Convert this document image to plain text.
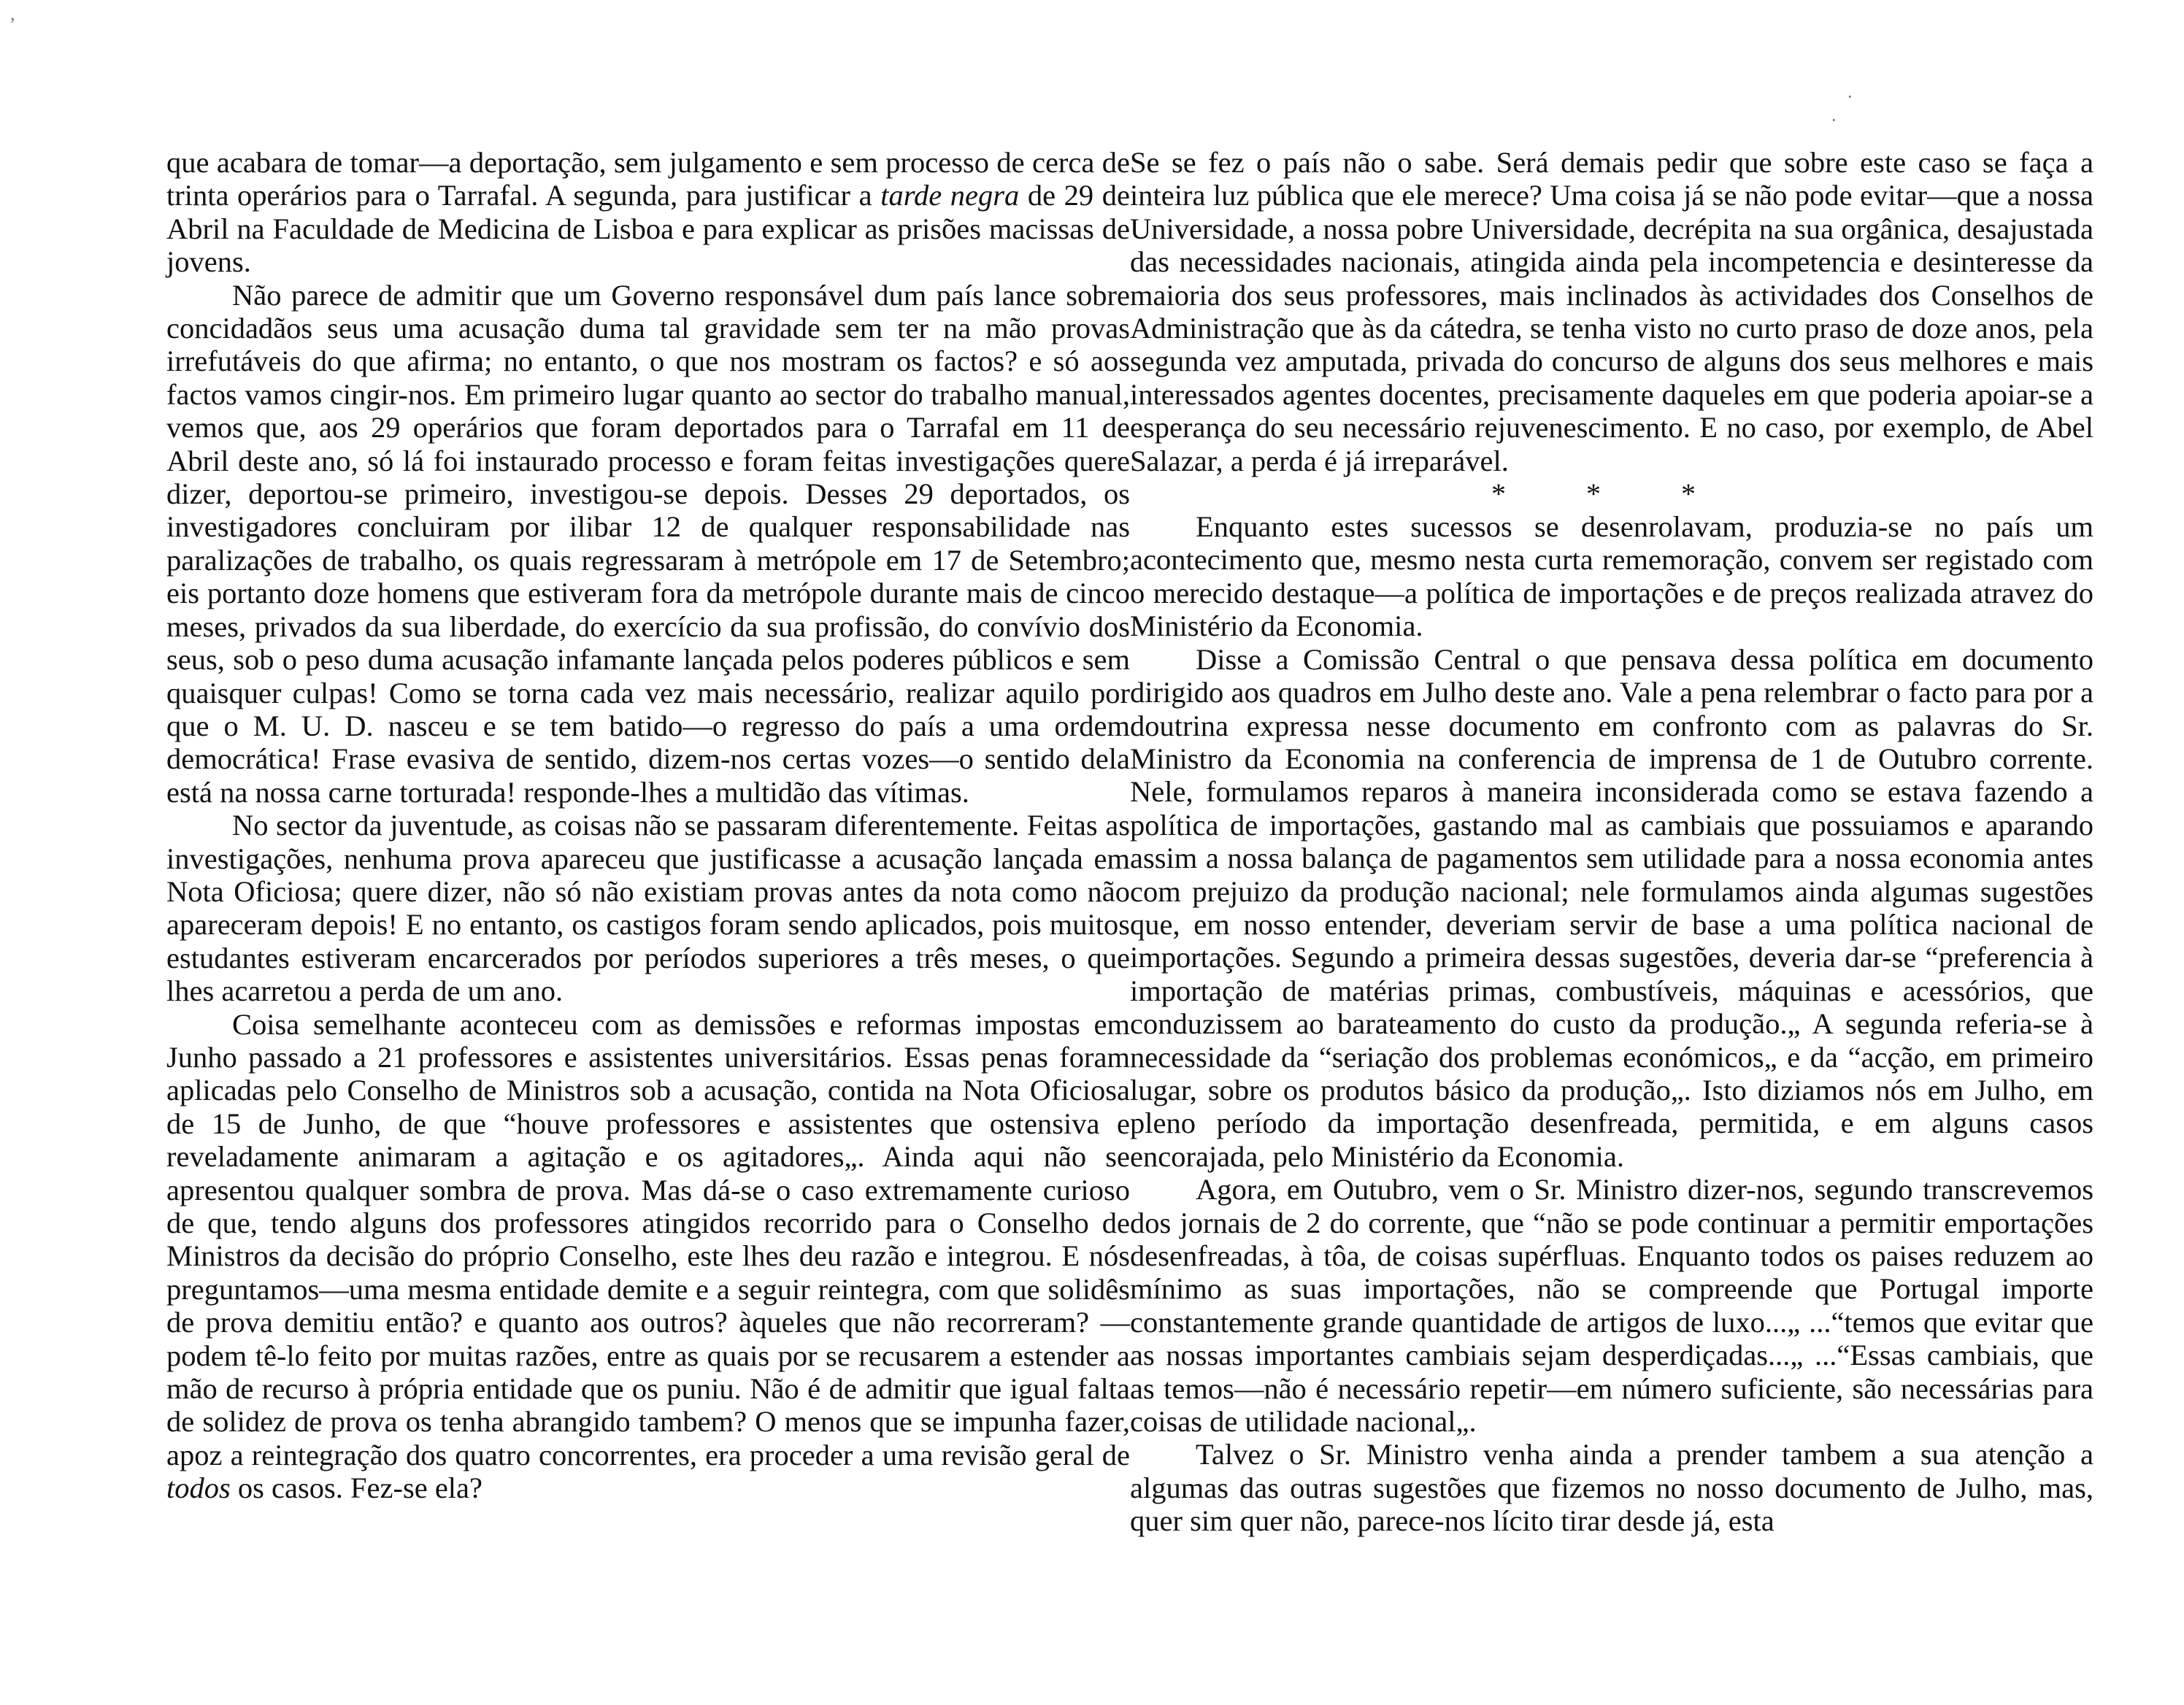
,
·
·

que acabara de tomar—a deportação, sem julgamento e sem processo de cerca de trinta operários para o Tarrafal. A segunda, para justificar a tarde negra de 29 de Abril na Faculdade de Medicina de Lisboa e para explicar as prisões macissas de jovens.

Não parece de admitir que um Governo responsável dum país lance sobre concidadãos seus uma acusação duma tal gravidade sem ter na mão provas irrefutáveis do que afirma; no entanto, o que nos mostram os factos? e só aos factos vamos cingir-nos. Em primeiro lugar quanto ao sector do trabalho manual, vemos que, aos 29 operários que foram deportados para o Tarrafal em 11 de Abril deste ano, só lá foi instaurado processo e foram feitas investigações quere dizer, deportou-se primeiro, investigou-se depois. Desses 29 deportados, os investigadores concluiram por ilibar 12 de qualquer responsabilidade nas paralizações de trabalho, os quais regressaram à metrópole em 17 de Setembro; eis portanto doze homens que estiveram fora da metrópole durante mais de cinco meses, privados da sua liberdade, do exercício da sua profissão, do convívio dos seus, sob o peso duma acusação infamante lançada pelos poderes públicos e sem quaisquer culpas! Como se torna cada vez mais necessário, realizar aquilo por que o M. U. D. nasceu e se tem batido—o regresso do país a uma ordem democrática! Frase evasiva de sentido, dizem-nos certas vozes—o sentido dela está na nossa carne torturada! responde-lhes a multidão das vítimas.

No sector da juventude, as coisas não se passaram diferentemente. Feitas as investigações, nenhuma prova apareceu que justificasse a acusação lançada em Nota Oficiosa; quere dizer, não só não existiam provas antes da nota como não apareceram depois! E no entanto, os castigos foram sendo aplicados, pois muitos estudantes estiveram encarcerados por períodos superiores a três meses, o que lhes acarretou a perda de um ano.

Coisa semelhante aconteceu com as demissões e reformas impostas em Junho passado a 21 professores e assistentes universitários. Essas penas foram aplicadas pelo Conselho de Ministros sob a acusação, contida na Nota Oficiosa de 15 de Junho, de que “houve professores e assistentes que ostensiva e reveladamente animaram a agitação e os agitadores„. Ainda aqui não se apresentou qualquer sombra de prova. Mas dá-se o caso extremamente curioso de que, tendo alguns dos professores atingidos recorrido para o Conselho de Ministros da decisão do próprio Conselho, este lhes deu razão e integrou. E nós preguntamos—uma mesma entidade demite e a seguir reintegra, com que solidês de prova demitiu então? e quanto aos outros? àqueles que não recorreram? — podem tê-lo feito por muitas razões, entre as quais por se recusarem a estender a mão de recurso à própria entidade que os puniu. Não é de admitir que igual falta de solidez de prova os tenha abrangido tambem? O menos que se impunha fazer, apoz a reintegração dos quatro concorrentes, era proceder a uma revisão geral de todos os casos. Fez-se ela?

Se se fez o país não o sabe. Será demais pedir que sobre este caso se faça a inteira luz pública que ele merece? Uma coisa já se não pode evitar—que a nossa Universidade, a nossa pobre Universidade, decrépita na sua orgânica, desajustada das necessidades nacionais, atingida ainda pela incompetencia e desinteresse da maioria dos seus professores, mais inclinados às actividades dos Conselhos de Administração que às da cátedra, se tenha visto no curto praso de doze anos, pela segunda vez amputada, privada do concurso de alguns dos seus melhores e mais interessados agentes docentes, precisamente daqueles em que poderia apoiar-se a esperança do seu necessário rejuvenescimento. E no caso, por exemplo, de Abel Salazar, a perda é já irreparável.

* * *

Enquanto estes sucessos se desenrolavam, produzia-se no país um acontecimento que, mesmo nesta curta rememoração, convem ser registado com o merecido destaque—a política de importações e de preços realizada atravez do Ministério da Economia.

Disse a Comissão Central o que pensava dessa política em documento dirigido aos quadros em Julho deste ano. Vale a pena relembrar o facto para por a doutrina expressa nesse documento em confronto com as palavras do Sr. Ministro da Economia na conferencia de imprensa de 1 de Outubro corrente. Nele, formulamos reparos à maneira inconsiderada como se estava fazendo a política de importações, gastando mal as cambiais que possuiamos e aparando assim a nossa balança de pagamentos sem utilidade para a nossa economia antes com prejuizo da produção nacional; nele formulamos ainda algumas sugestões que, em nosso entender, deveriam servir de base a uma política nacional de importações. Segundo a primeira dessas sugestões, deveria dar-se “preferencia à importação de matérias primas, combustíveis, máquinas e acessórios, que conduzissem ao barateamento do custo da produção.„ A segunda referia-se à necessidade da “seriação dos problemas económicos„ e da “acção, em primeiro lugar, sobre os produtos básico da produção„. Isto diziamos nós em Julho, em pleno período da importação desenfreada, permitida, e em alguns casos encorajada, pelo Ministério da Economia.

Agora, em Outubro, vem o Sr. Ministro dizer-nos, segundo transcrevemos dos jornais de 2 do corrente, que “não se pode continuar a permitir emportações desenfreadas, à tôa, de coisas supérfluas. Enquanto todos os paises reduzem ao mínimo as suas importações, não se compreende que Portugal importe constantemente grande quantidade de artigos de luxo...„ ...“temos que evitar que as nossas importantes cambiais sejam desperdiçadas...„ ...“Essas cambiais, que as temos—não é necessário repetir—em número suficiente, são necessárias para coisas de utilidade nacional„.

Talvez o Sr. Ministro venha ainda a prender tambem a sua atenção a algumas das outras sugestões que fizemos no nosso documento de Julho, mas, quer sim quer não, parece-nos lícito tirar desde já, esta
